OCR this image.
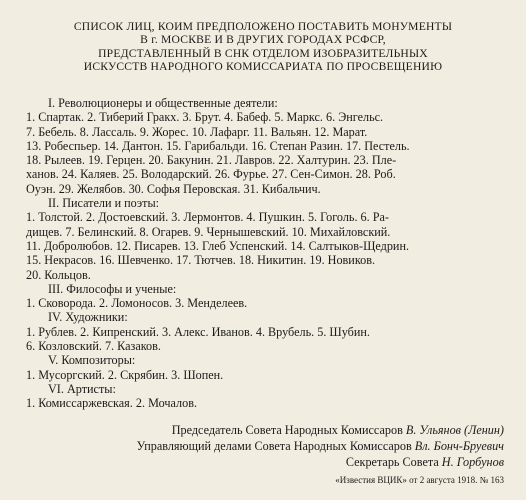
СПИСОК ЛИЦ, КОИМ ПРЕДПОЛОЖЕНО ПОСТАВИТЬ МОНУМЕНТЫ
В г. МОСКВЕ И В ДРУГИХ ГОРОДАХ РСФСР,
ПРЕДСТАВЛЕННЫЙ В СНК ОТДЕЛОМ ИЗОБРАЗИТЕЛЬНЫХ
ИСКУССТВ НАРОДНОГО КОМИССАРИАТА ПО ПРОСВЕЩЕНИЮ
I. Революционеры и общественные деятели:
1. Спартак. 2. Тиберий Гракх. 3. Брут. 4. Бабеф. 5. Маркс. 6. Энгельс.
7. Бебель. 8. Лассаль. 9. Жорес. 10. Лафарг. 11. Вальян. 12. Марат.
13. Робеспьер. 14. Дантон. 15. Гарибальди. 16. Степан Разин. 17. Пестель.
18. Рылеев. 19. Герцен. 20. Бакунин. 21. Лавров. 22. Халтурин. 23. Пле-
ханов. 24. Каляев. 25. Володарский. 26. Фурье. 27. Сен-Симон. 28. Роб.
Оуэн. 29. Желябов. 30. Софья Перовская. 31. Кибальчич.
II. Писатели и поэты:
1. Толстой. 2. Достоевский. 3. Лермонтов. 4. Пушкин. 5. Гоголь. 6. Ра-
дищев. 7. Белинский. 8. Огарев. 9. Чернышевский. 10. Михайловский.
11. Добролюбов. 12. Писарев. 13. Глеб Успенский. 14. Салтыков-Щедрин.
15. Некрасов. 16. Шевченко. 17. Тютчев. 18. Никитин. 19. Новиков.
20. Кольцов.
III. Философы и ученые:
1. Сковорода. 2. Ломоносов. 3. Менделеев.
IV. Художники:
1. Рублев. 2. Кипренский. 3. Алекс. Иванов. 4. Врубель. 5. Шубин.
6. Козловский. 7. Казаков.
V. Композиторы:
1. Мусоргский. 2. Скрябин. 3. Шопен.
VI. Артисты:
1. Комиссаржевская. 2. Мочалов.
Председатель Совета Народных Комиссаров В. Ульянов (Ленин)
Управляющий делами Совета Народных Комиссаров Вл. Бонч-Бруевич
Секретарь Совета Н. Горбунов
«Известия ВЦИК» от 2 августа 1918. № 163
